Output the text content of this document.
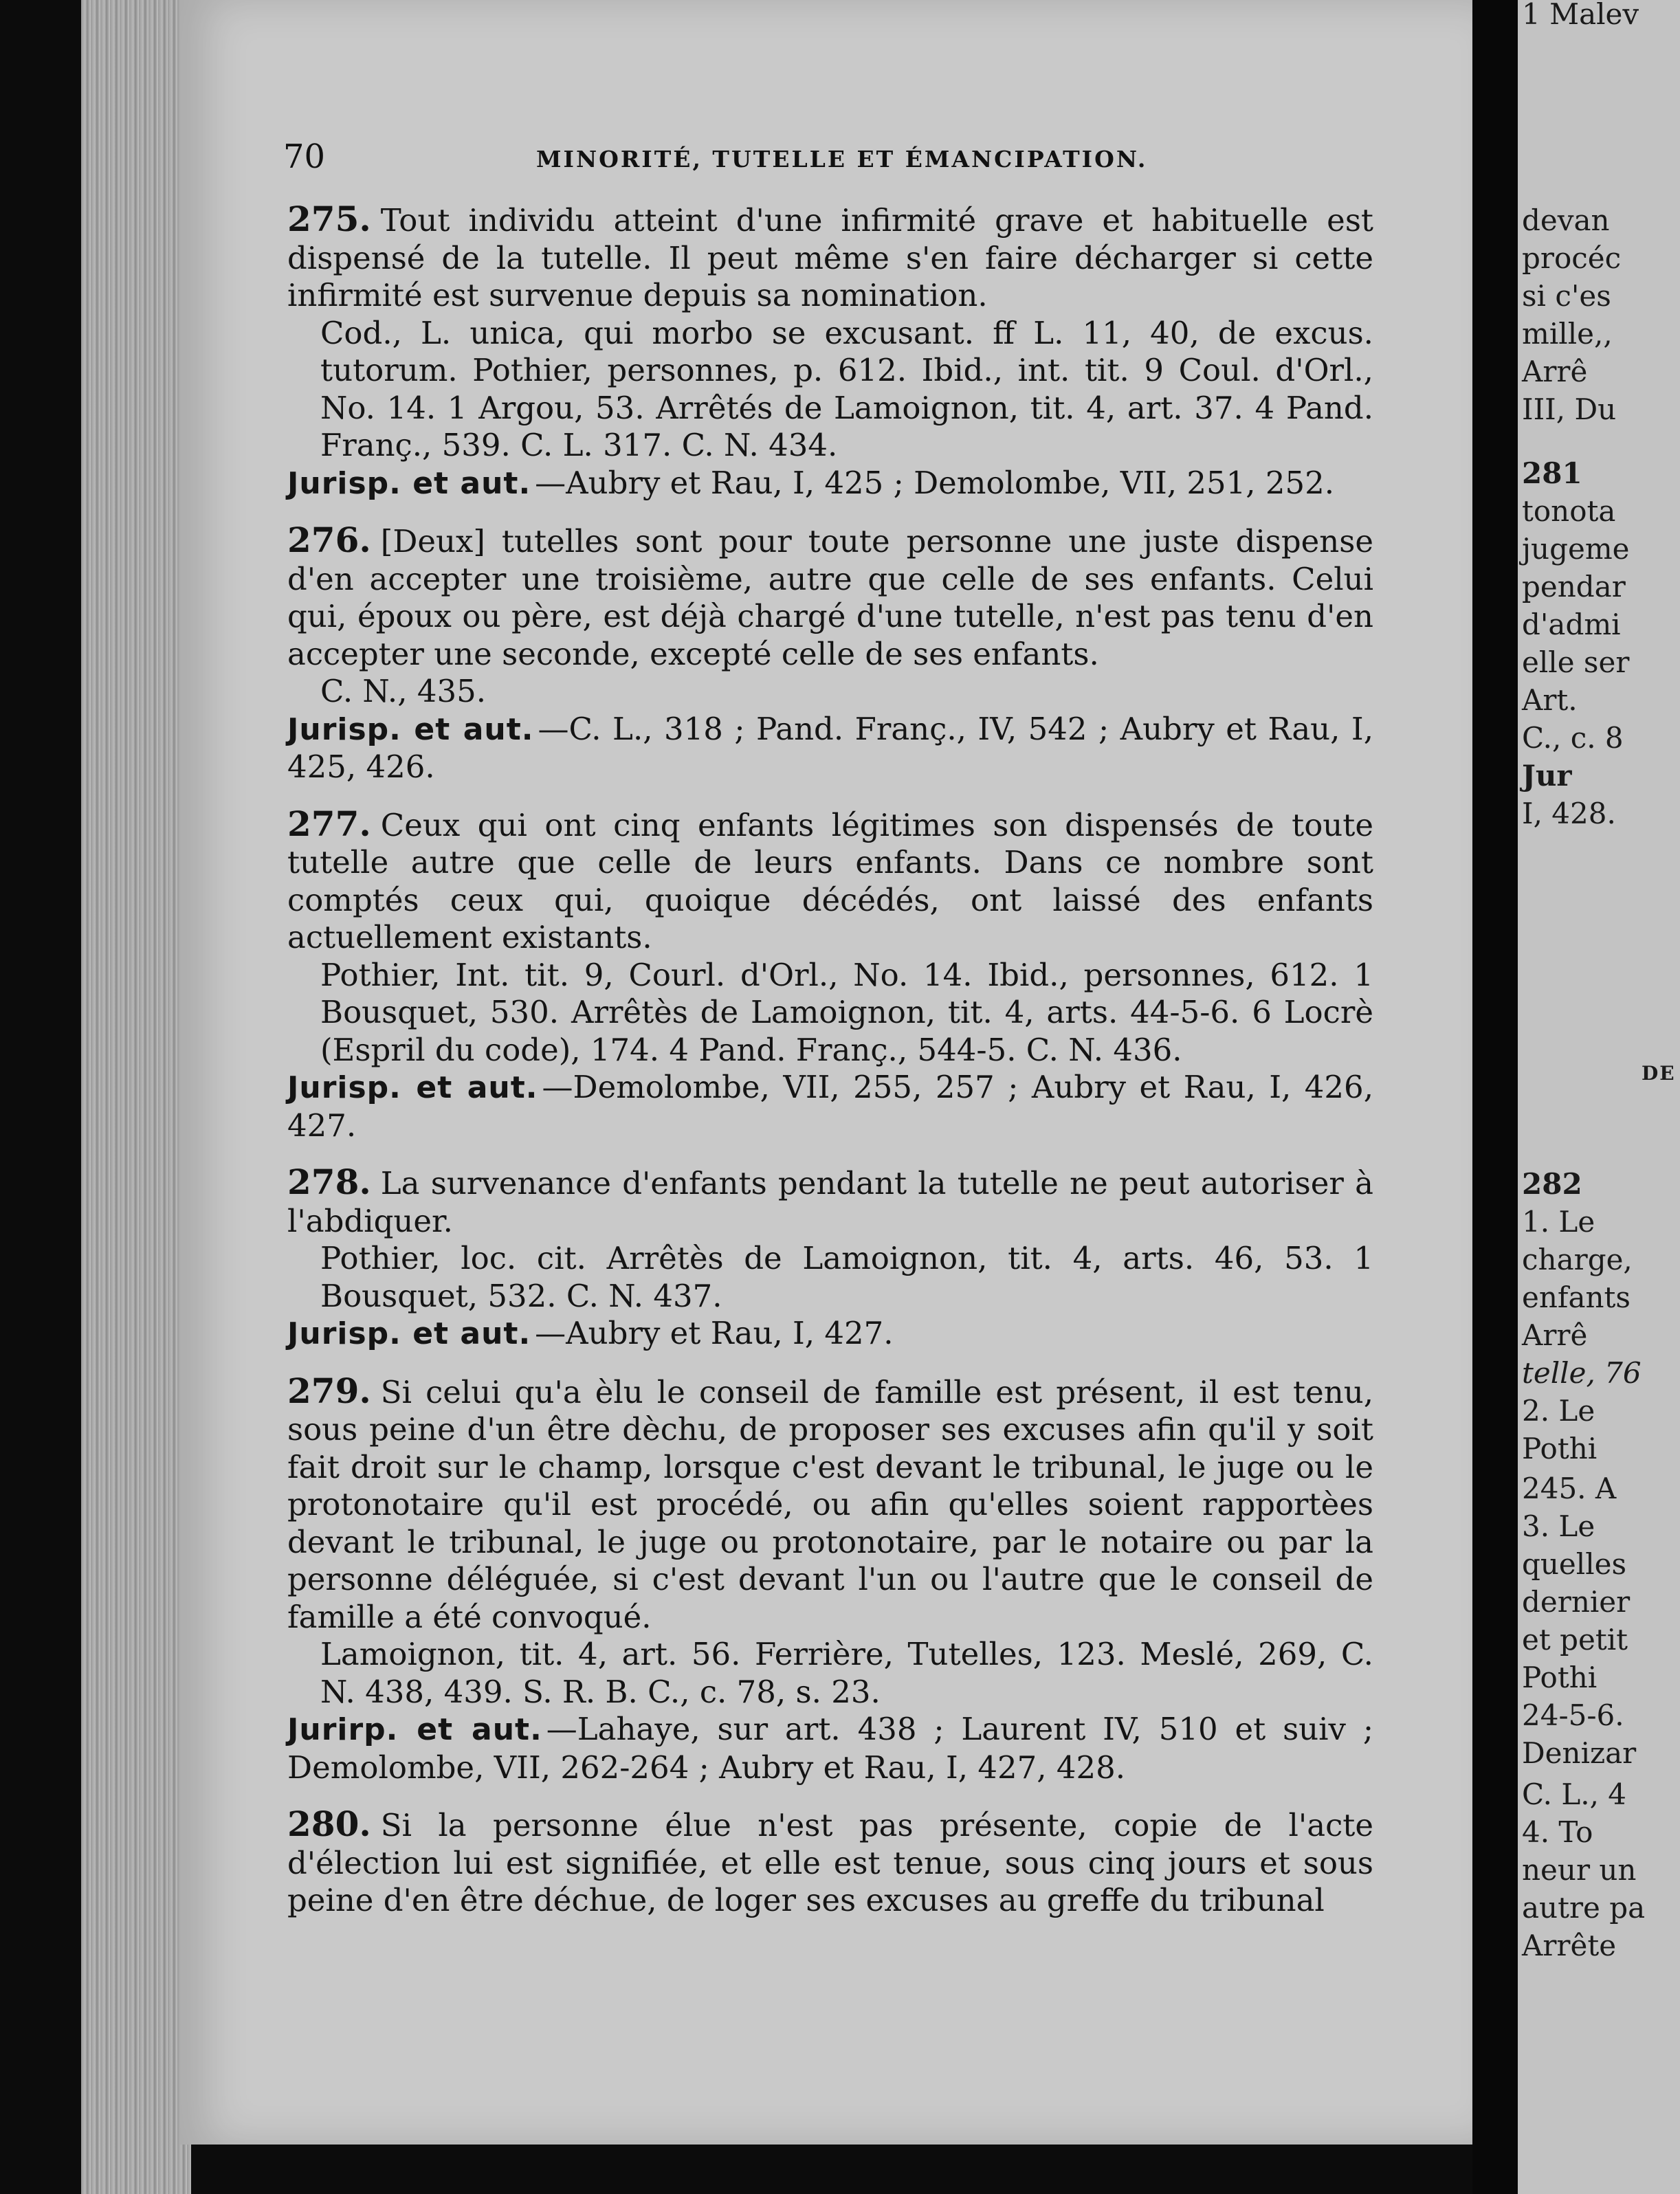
70	MINORITÉ, TUTELLE ET ÉMANCIPATION.

275. Tout individu atteint d'une infirmité grave et habituelle est dispensé de la tutelle. Il peut même s'en faire décharger si cette infirmité est survenue depuis sa nomination.

Cod., L. unica, qui morbo se excusant. ff L. 11, 40, de excus. tutorum. Pothier, personnes, p. 612. Ibid., int. tit. 9 Coul. d'Orl., No. 14. 1 Argou, 53. Arrêtés de Lamoignon, tit. 4, art. 37. 4 Pand. Franç., 539. C. L. 317. C. N. 434.

Jurisp. et aut. —Aubry et Rau, I, 425 ; Demolombe, VII, 251, 252.

276. [Deux] tutelles sont pour toute personne une juste dispense d'en accepter une troisième, autre que celle de ses enfants. Celui qui, époux ou père, est déjà chargé d'une tutelle, n'est pas tenu d'en accepter une seconde, excepté celle de ses enfants.

C. N., 435.

Jurisp. et aut. —C. L., 318 ; Pand. Franç., IV, 542 ; Aubry et Rau, I, 425, 426.

277. Ceux qui ont cinq enfants légitimes son dispensés de toute tutelle autre que celle de leurs enfants. Dans ce nombre sont comptés ceux qui, quoique décédés, ont laissé des enfants actuellement existants.

Pothier, Int. tit. 9, Courl. d'Orl., No. 14. Ibid., personnes, 612. 1 Bousquet, 530. Arrêtès de Lamoignon, tit. 4, arts. 44-5-6. 6 Locrè (Espril du code), 174. 4 Pand. Franç., 544-5. C. N. 436.

Jurisp. et aut. —Demolombe, VII, 255, 257 ; Aubry et Rau, I, 426, 427.

278. La survenance d'enfants pendant la tutelle ne peut autoriser à l'abdiquer.

Pothier, loc. cit. Arrêtès de Lamoignon, tit. 4, arts. 46, 53. 1 Bousquet, 532. C. N. 437.

Jurisp. et aut. —Aubry et Rau, I, 427.

279. Si celui qu'a èlu le conseil de famille est présent, il est tenu, sous peine d'un être dèchu, de proposer ses excuses afin qu'il y soit fait droit sur le champ, lorsque c'est devant le tribunal, le juge ou le protonotaire qu'il est procédé, ou afin qu'elles soient rapportèes devant le tribunal, le juge ou protonotaire, par le notaire ou par la personne déléguée, si c'est devant l'un ou l'autre que le conseil de famille a été convoqué.

Lamoignon, tit. 4, art. 56. Ferrière, Tutelles, 123. Meslé, 269, C. N. 438, 439. S. R. B. C., c. 78, s. 23.

Jurirp. et aut. —Lahaye, sur art. 438 ; Laurent IV, 510 et suiv ; Demolombe, VII, 262-264 ; Aubry et Rau, I, 427, 428.

280. Si la personne élue n'est pas présente, copie de l'acte d'élection lui est signifiée, et elle est tenue, sous cinq jours et sous peine d'en être déchue, de loger ses excuses au greffe du tribunal

devan
procéc
si c'es
mille,,
Arrê
III, Du
281
tonota
jugeme
pendar
d'admi
elle ser
Art.
C., c. 8
Jur
I, 428.
DE
282
1. Le
charge,
enfants
Arrê
telle, 76
2. Le
Pothi
245. A
3. Le
quelles
dernier
et petit
Pothi
24-5-6.
Denizar
C. L., 4
4. To
neur un
autre pa
Arrête
1 Malev
